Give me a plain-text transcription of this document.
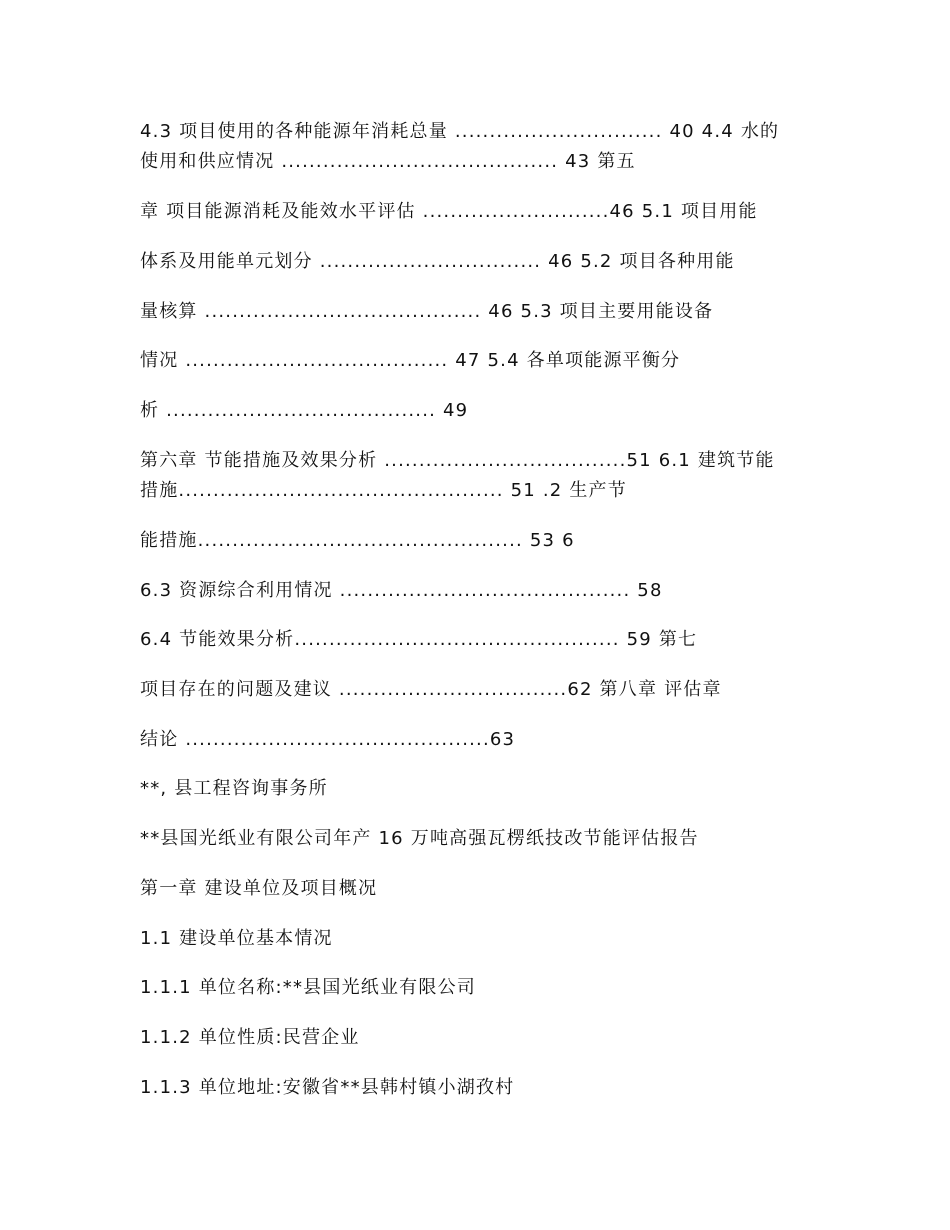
4.3 项目使用的各种能源年消耗总量 .............................. 40 4.4 水的
使用和供应情况 ........................................ 43 第五
章 项目能源消耗及能效水平评估 ...........................46 5.1 项目用能
体系及用能单元划分 ................................ 46 5.2 项目各种用能
量核算 ........................................ 46 5.3 项目主要用能设备
情况 ...................................... 47 5.4 各单项能源平衡分
析 ....................................... 49
第六章 节能措施及效果分析 ...................................51 6.1 建筑节能
措施............................................... 51 .2 生产节
能措施............................................... 53 6
6.3 资源综合利用情况 .......................................... 58
6.4 节能效果分析............................................... 59 第七
项目存在的问题及建议 .................................62 第八章 评估章
结论 ............................................63
**, 县工程咨询事务所
**县国光纸业有限公司年产 16 万吨高强瓦楞纸技改节能评估报告
第一章 建设单位及项目概况
1.1 建设单位基本情况
1.1.1 单位名称:**县国光纸业有限公司
1.1.2 单位性质:民营企业
1.1.3 单位地址:安徽省**县韩村镇小湖孜村
